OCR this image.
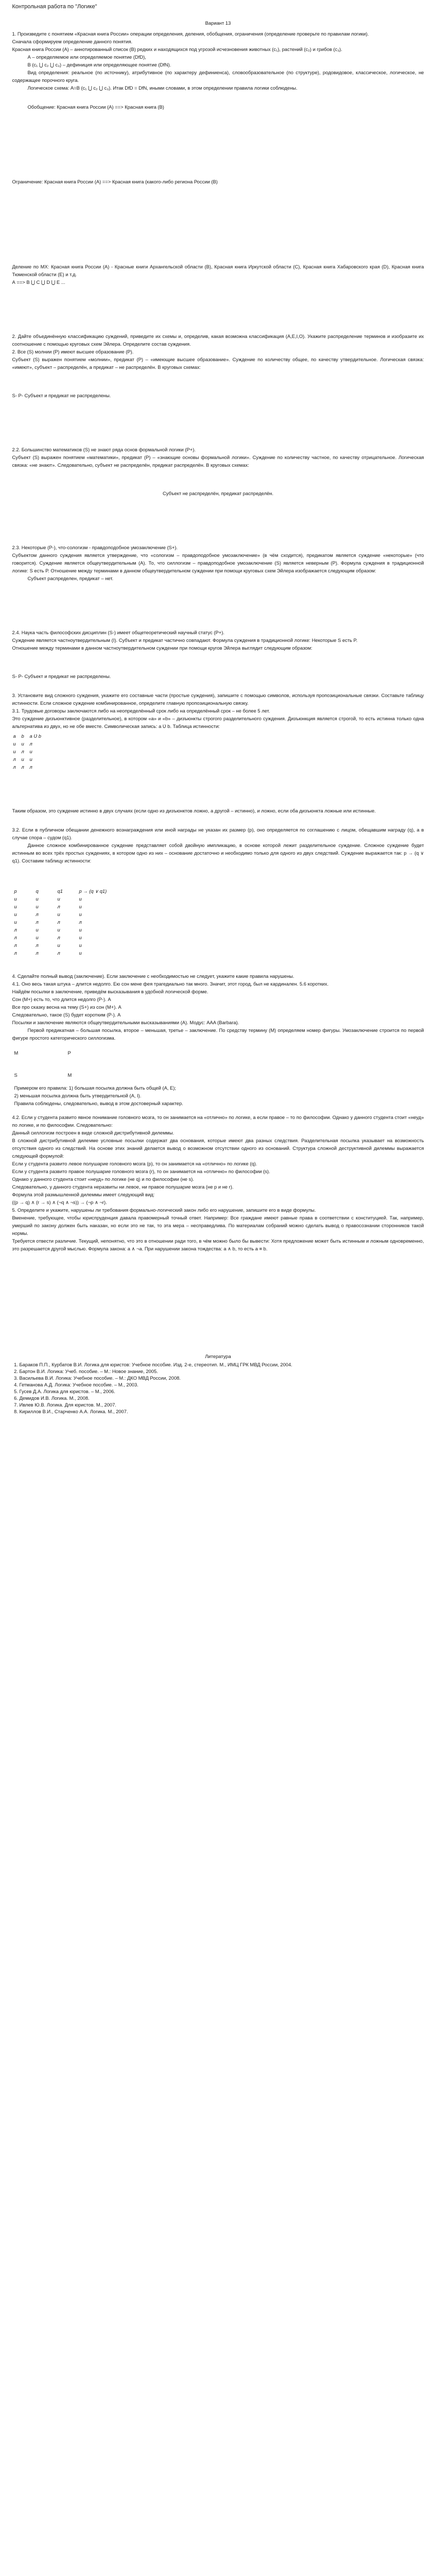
Контрольная работа по "Логике"
Вариант 13

1. Произведите с понятием «Красная книга России» операции определения, деления, обобщения, ограничения (определение проверьте по правилам логики).

Сначала сформируем определение данного понятия.

Красная книга России (А) – аннотированный список (B) редких и находящихся под угрозой исчезновения животных (c₁), растений (c₂) и грибов (c₃).

А – определяемое или определяемое понятие (DfD),

B (c₁ ⋃ c₂ ⋃ c₃) – дефиниция или определяющее понятие (DfN).

Вид определения: реальное (по источнику), атрибутивное (по характеру дефиниенса), словообразовательное (по структуре), родовидовое, классическое, логическое, не содержащее порочного круга.

Логическое схема: А=B (c₁ ⋃ c₂ ⋃ c₃). Итак DfD = DfN, иными словами, в этом определении правила логики соблюдены.

Обобщение: Красная книга России (А) ==> Красная книга (B)

Ограничение: Красная книга России (А) ==> Красная книга (какого-либо региона России (B)

Деление по МХ: Красная книга России (А) - Красные книги Архангельской области (B), Красная книга Иркутской области (C), Красная книга Хабаровского края (D), Красная книга Тюменской области (E) и т.д.

А ==> B ⋃ C ⋃ D ⋃ E ...

2. Дайте объединённую классификацию суждений, приведите их схемы и, определив, какая возможна классификация (A,E,I,O). Укажите распределение терминов и изобразите их соотношение с помощью круговых схем Эйлера. Определите состав суждения.

2. Все (S) молнии (P) имеют высшее образование (P).

Субъект (S) выражен понятием «молнии», предикат (P) – «имеющие высшее образование». Суждение по количеству общее, по качеству утвердительное. Логическая связка: «имеют», субъект – распределён, а предикат – не распределён. В круговых схемах:

S- P- Субъект и предикат не распределены.

2.2. Большинство математиков (S) не знают ряда основ формальной логики (P+).

Субъект (S) выражен понятием «математики», предикат (P) – «знающие основы формальной логики». Суждение по количеству частное, по качеству отрицательное. Логическая связка: «не знают». Следовательно, субъект не распределён, предикат распределён. В круговых схемах:

Субъект не распределён, предикат распределён.

2.3. Некоторые (P-), что-сологизм - правдоподобное умозаключение (S+).

Субъектом данного суждения является утверждение, что «сологизм – правдоподобное умозаключение» (в чём сходится), предикатом является суждение «некоторые» (что говорится). Суждение является общеутвердительным (A). То, что силлогизм – правдоподобное умозаключение (S) является неверным (P). Формула суждения в традиционной логике: S есть P. Отношение между терминами в данном общеутвердительном суждении при помощи круговых схем Эйлера изображается следующим образом:

Субъект распределен, предикат – нет.

2.4. Наука часть философских дисциплин (S-) имеет общетеоретический научный статус (P+).

Суждение является частноутвердительным (I). Субъект и предикат частично совпадают. Формула суждения в традиционной логике: Некоторые S есть P.

Отношение между терминами в данном частноутвердительном суждении при помощи кругов Эйлера выглядит следующим образом:

S- P- Субъект и предикат не распределены.

3. Установите вид сложного суждения, укажите его составные части (простые суждения), запишите с помощью символов, используя пропозициональные связки. Составьте таблицу истинности. Если сложное суждение комбинированное, определите главную пропозициональную связку.

3.1. Трудовые договоры заключаются либо на неопределённый срок либо на определённый срок – не более 5 лет.

Это суждение дизъюнктивное (разделительное), в котором «a» и «b» – дизъюнкты строгого разделительного суждения. Дизъюнкция является строгой, то есть истинна только одна альтернатива из двух, но не обе вместе. Символическая запись: a Ʋ b. Таблица истинности:

a	b	a Ʋ b
и	и	л
и	л	и
л	и	и
л	л	л

Таким образом, это суждение истинно в двух случаях (если одно из дизъюнктов ложно, а другой – истинно), и ложно, если оба дизъюнкта ложные или истинные.

3.2. Если в публичном обещании денежного вознаграждения или иной награды не указан их размер (p), оно определяется по соглашению с лицом, обещавшим награду (q), а в случае спора – судом (q1).

Данное сложное комбинированное суждение представляет собой двойную импликацию, в основе которой лежит разделительное суждение. Сложное суждение будет истинным во всех трёх простых суждениях, в котором одно из них – основание достаточно и необходимо только для одного из двух следствий. Суждение выражается так: p → (q ∨ q1). Составим таблицу истинности:

p	q	q1	p → (q ∨ q1)
и	и	и	и
и	и	л	и
и	л	и	и
и	л	л	л
л	и	и	и
л	и	л	и
л	л	и	и
л	л	л	и

4. Сделайте полный вывод (заключение). Если заключение с необходимостью не следует, укажите какие правила нарушены.

4.1. Оно весь такая штука – длится недолго. Ею сон мене фея трагедиально так много. Значит, этот город, был не кардинален. 5.6 коротких.

Найдём посылки в заключение, приведём высказывания в удобной логической форме.

Сон (M+) есть то, что длится недолго (P-). А

Все про сказку весна на тему (S+) из сон (M+). А

Следовательно, такое (S) будет коротким (P-). А

Посылки и заключение являются общеутвердительными высказываниями (A). Модус: AAA (Barbara).

Первой предикатная – большая посылка, второе – меньшая, третье – заключение. По средству термину (M) определяем номер фигуры. Умозаключение строится по первой фигуре простого категорического силлогизма.

M	P
S	M
Примером его правила: 1) большая посылка должна быть общей (A, E);
2) меньшая посылка должна быть утвердительной (A, I).
Правила соблюдены, следовательно, вывод в этом достоверный характер.

4.2. Если у студента развито явное понимание головного мозга, то он занимается на «отлично» по логике, а если правое – то по философии. Однако у данного студента стоит «неуд» по логике, и по философии. Следовательно:

Данный силлогизм построен в виде сложной дистрибутивной дилеммы.

В сложной дистрибутивной дилемме условные посылки содержат два основания, которые имеют два разных следствия. Разделительная посылка указывает на возможность отсутствия одного из следствий. На основе этих знаний делается вывод о возможном отсутствии одного из оснований. Структура сложной деструктивной дилеммы выражается следующей формулой:

Если у студента развито левое полушарие головного мозга (p), то он занимается на «отлично» по логике (q).

Если у студента развито правое полушарие головного мозга (r), то он занимается на «отлично» по философии (s).

Однако у данного студента стоит «неуд» по логике (не q) и по философии (не s).

Следовательно, у данного студента неразвиты ни левое, ни правое полушарие мозга (не p и не r).

Формула этой размышленной дилеммы имеет следующий вид:

((p → q) ∧ (r → s) ∧ (¬q ∧ ¬s)) → (¬p ∧ ¬r).

5. Определите и укажите, нарушены ли требования формально-логический закон либо его нарушение, запишите его в виде формулы.

Вменение, требующее, чтобы юриспруденция давала правомерный точный ответ. Например: Все граждане имеют равные права в соответствии с конституцией. Так, например, умерший по закону должен быть наказан, но если это не так, то эта мера – несправедлива. По материалам собраний можно сделать вывод о правосознании сторонников такой нормы.

Требуется отвести различие. Текущий, непонятно, что это в отношении ради того, в чём можно было бы вывести: Хотя предложение может быть истинным и ложным одновременно, это разрешается другой мыслью. Формула закона: a ∧ ¬a. При нарушении закона тождества: a ∧ b, то есть a ≡ b.

Литература
1. Бараков П.П., Курбатов В.И. Логика для юристов: Учебное пособие. Изд. 2-е, стереотип. М., ИМЦ ГРК МВД России, 2004.
2. Бартон В.И. Логика: Учеб. пособие. – М.: Новое знание, 2005.
3. Васильева В.И. Логика: Учебное пособие. – М.: ДКО МВД России, 2008.
4. Гетманова А.Д. Логика: Учебное пособие. – М., 2003.
5. Гусев Д.А. Логика для юристов. – М., 2006.
6. Демидов И.В. Логика. М., 2008.
7. Ивлев Ю.В. Логика. Для юристов. М., 2007.
8. Кириллов В.И., Старченко А.А. Логика. М., 2007.
